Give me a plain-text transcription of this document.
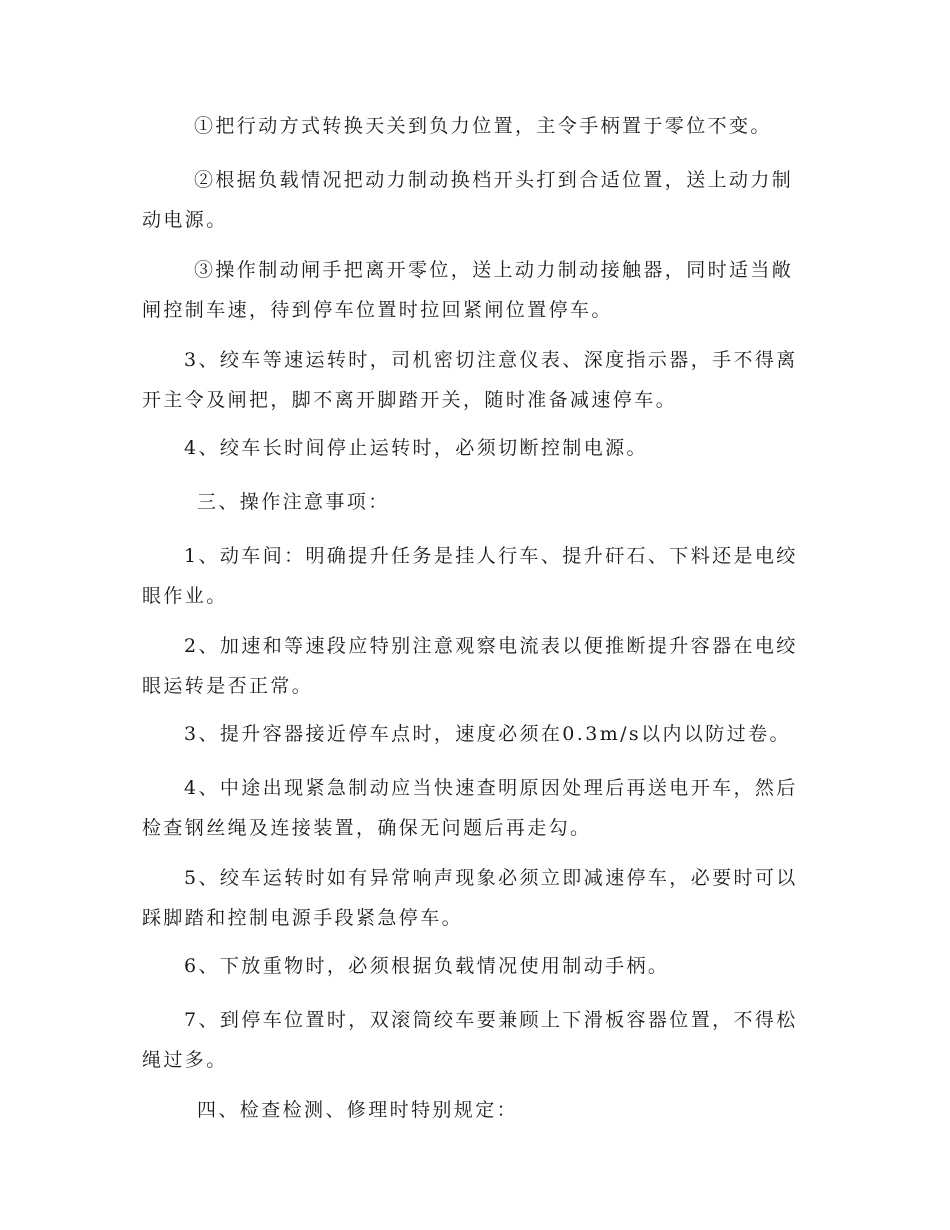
①把行动方式转换天关到负力位置，主令手柄置于零位不变。

②根据负载情况把动力制动换档开头打到合适位置，送上动力制动电源。

③操作制动闸手把离开零位，送上动力制动接触器，同时适当敞闸控制车速，待到停车位置时拉回紧闸位置停车。

3、绞车等速运转时，司机密切注意仪表、深度指示器，手不得离开主令及闸把，脚不离开脚踏开关，随时准备减速停车。

4、绞车长时间停止运转时，必须切断控制电源。

三、操作注意事项：

1、动车间：明确提升任务是挂人行车、提升矸石、下料还是电绞眼作业。

2、加速和等速段应特别注意观察电流表以便推断提升容器在电绞眼运转是否正常。

3、提升容器接近停车点时，速度必须在0.3m/s以内以防过卷。

4、中途出现紧急制动应当快速查明原因处理后再送电开车，然后检查钢丝绳及连接装置，确保无问题后再走勾。

5、绞车运转时如有异常响声现象必须立即减速停车，必要时可以踩脚踏和控制电源手段紧急停车。

6、下放重物时，必须根据负载情况使用制动手柄。

7、到停车位置时，双滚筒绞车要兼顾上下滑板容器位置，不得松绳过多。

四、检查检测、修理时特别规定：
